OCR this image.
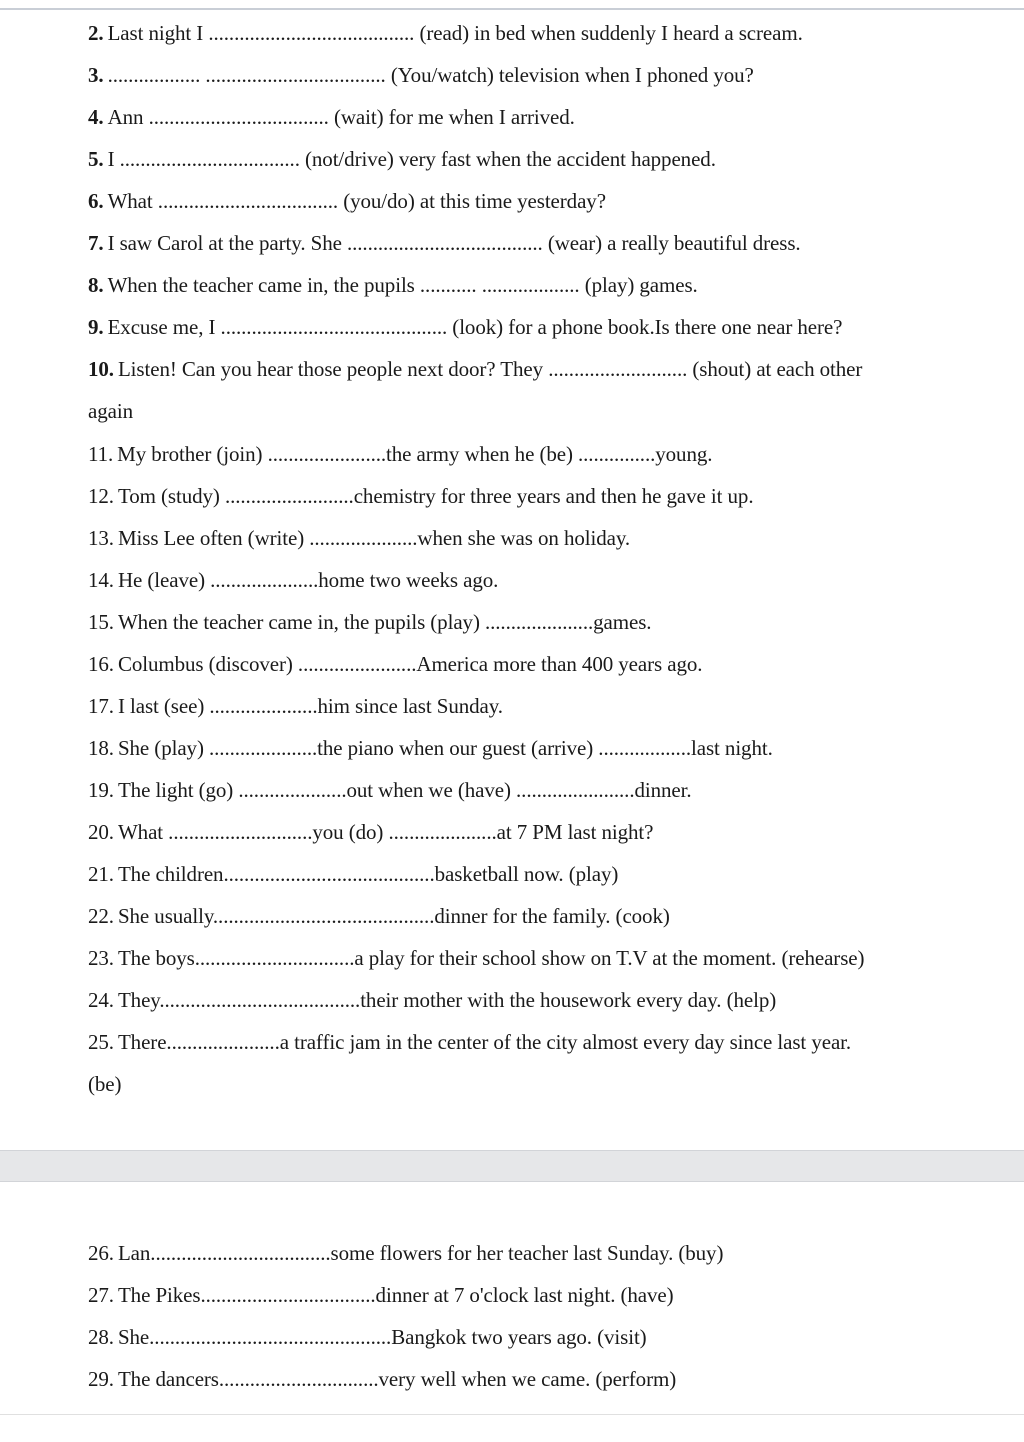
2. Last night I ........................................ (read) in bed when suddenly I heard a scream.
3. .................. ................................... (You/watch) television when I phoned you?
4. Ann ................................... (wait) for me when I arrived.
5. I ................................... (not/drive) very fast when the accident happened.
6. What ................................... (you/do) at this time yesterday?
7. I saw Carol at the party. She ...................................... (wear) a really beautiful dress.
8. When the teacher came in, the pupils ........... ................... (play) games.
9. Excuse me, I ............................................ (look) for a phone book.Is there one near here?
10. Listen! Can you hear those people next door? They ........................... (shout) at each other
again
11. My brother (join) .......................the army when he (be) ...............young.
12. Tom (study) .........................chemistry for three years and then he gave it up.
13. Miss Lee often (write) .....................when she was on holiday.
14. He (leave) .....................home two weeks ago.
15. When the teacher came in, the pupils (play) .....................games.
16. Columbus (discover) .......................America more than 400 years ago.
17. I last (see) .....................him since last Sunday.
18. She (play) .....................the piano when our guest (arrive) ..................last night.
19. The light (go) .....................out when we (have) .......................dinner.
20. What ............................you (do) .....................at 7 PM last night?
21. The children.........................................basketball now. (play)
22. She usually...........................................dinner for the family. (cook)
23. The boys...............................a play for their school show on T.V at the moment. (rehearse)
24. They.......................................their mother with the housework every day. (help)
25. There......................a traffic jam in the center of the city almost every day since last year.
(be)
26. Lan...................................some flowers for her teacher last Sunday. (buy)
27. The Pikes..................................dinner at 7 o'clock last night. (have)
28. She...............................................Bangkok two years ago. (visit)
29. The dancers...............................very well when we came. (perform)
